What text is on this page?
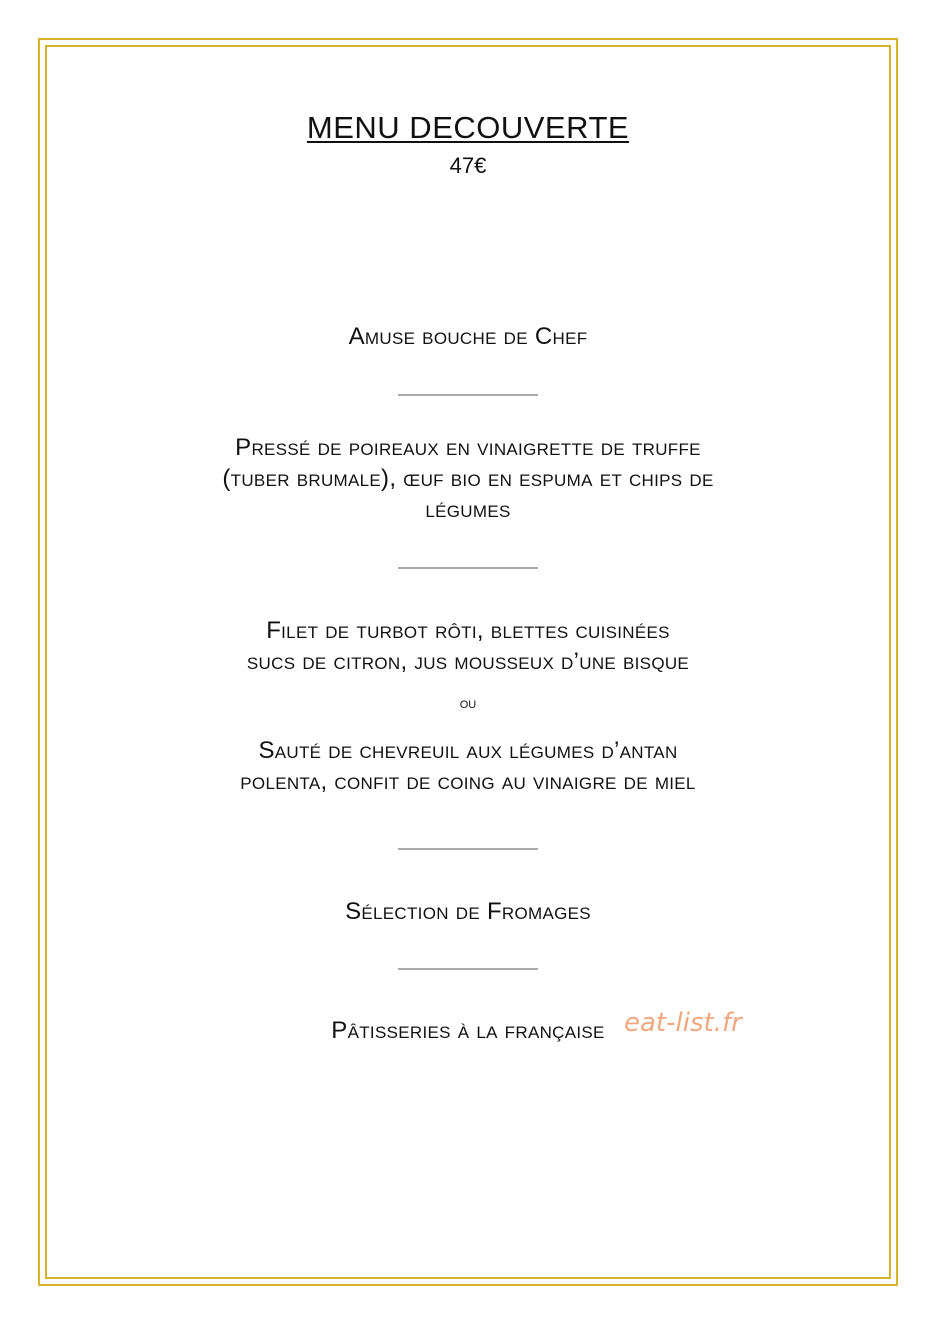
MENU DECOUVERTE
47€
Amuse bouche de Chef
Pressé de poireaux en vinaigrette de truffe
(tuber brumale), œuf bio en espuma et chips de
légumes
Filet de turbot rôti, blettes cuisinées
sucs de citron, jus mousseux d’une bisque
ou
Sauté de chevreuil aux légumes d’antan
polenta, confit de coing au vinaigre de miel
Sélection de Fromages
Pâtisseries à la française eat-list.fr
